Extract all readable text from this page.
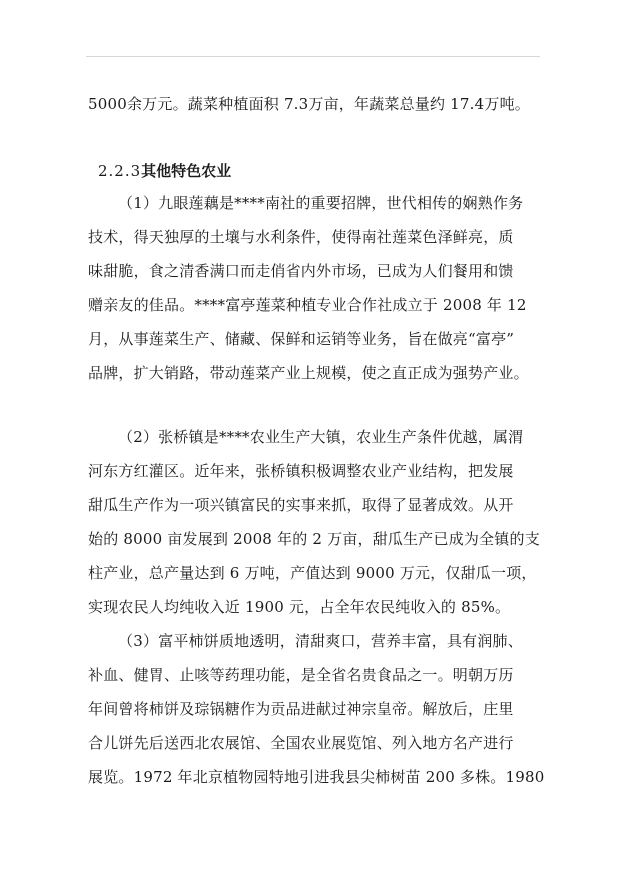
5000余万元。蔬菜种植面积 7.3万亩，年蔬菜总量约 17.4万吨。

2.2.3其他特色农业

（1）九眼莲藕是****南社的重要招牌，世代相传的娴熟作务

技术，得天独厚的土壤与水利条件，使得南社莲菜色泽鲜亮，质

味甜脆，食之清香满口而走俏省内外市场，已成为人们餐用和馈

赠亲友的佳品。****富亭莲菜种植专业合作社成立于 2008 年 12

月，从事莲菜生产、储藏、保鲜和运销等业务，旨在做亮“富亭”

品牌，扩大销路，带动莲菜产业上规模，使之直正成为强势产业。

（2）张桥镇是****农业生产大镇，农业生产条件优越，属渭

河东方红灌区。近年来，张桥镇积极调整农业产业结构，把发展

甜瓜生产作为一项兴镇富民的实事来抓，取得了显著成效。从开

始的 8000 亩发展到 2008 年的 2 万亩，甜瓜生产已成为全镇的支

柱产业，总产量达到 6 万吨，产值达到 9000 万元，仅甜瓜一项，

实现农民人均纯收入近 1900 元，占全年农民纯收入的 85%。

（3）富平柿饼质地透明，清甜爽口，营养丰富，具有润肺、

补血、健胃、止咳等药理功能，是全省名贵食品之一。明朝万历

年间曾将柿饼及琮锅糖作为贡品进献过神宗皇帝。解放后，庄里

合儿饼先后送西北农展馆、全国农业展览馆、列入地方名产进行

展览。1972 年北京植物园特地引进我县尖柿树苗 200 多株。1980
